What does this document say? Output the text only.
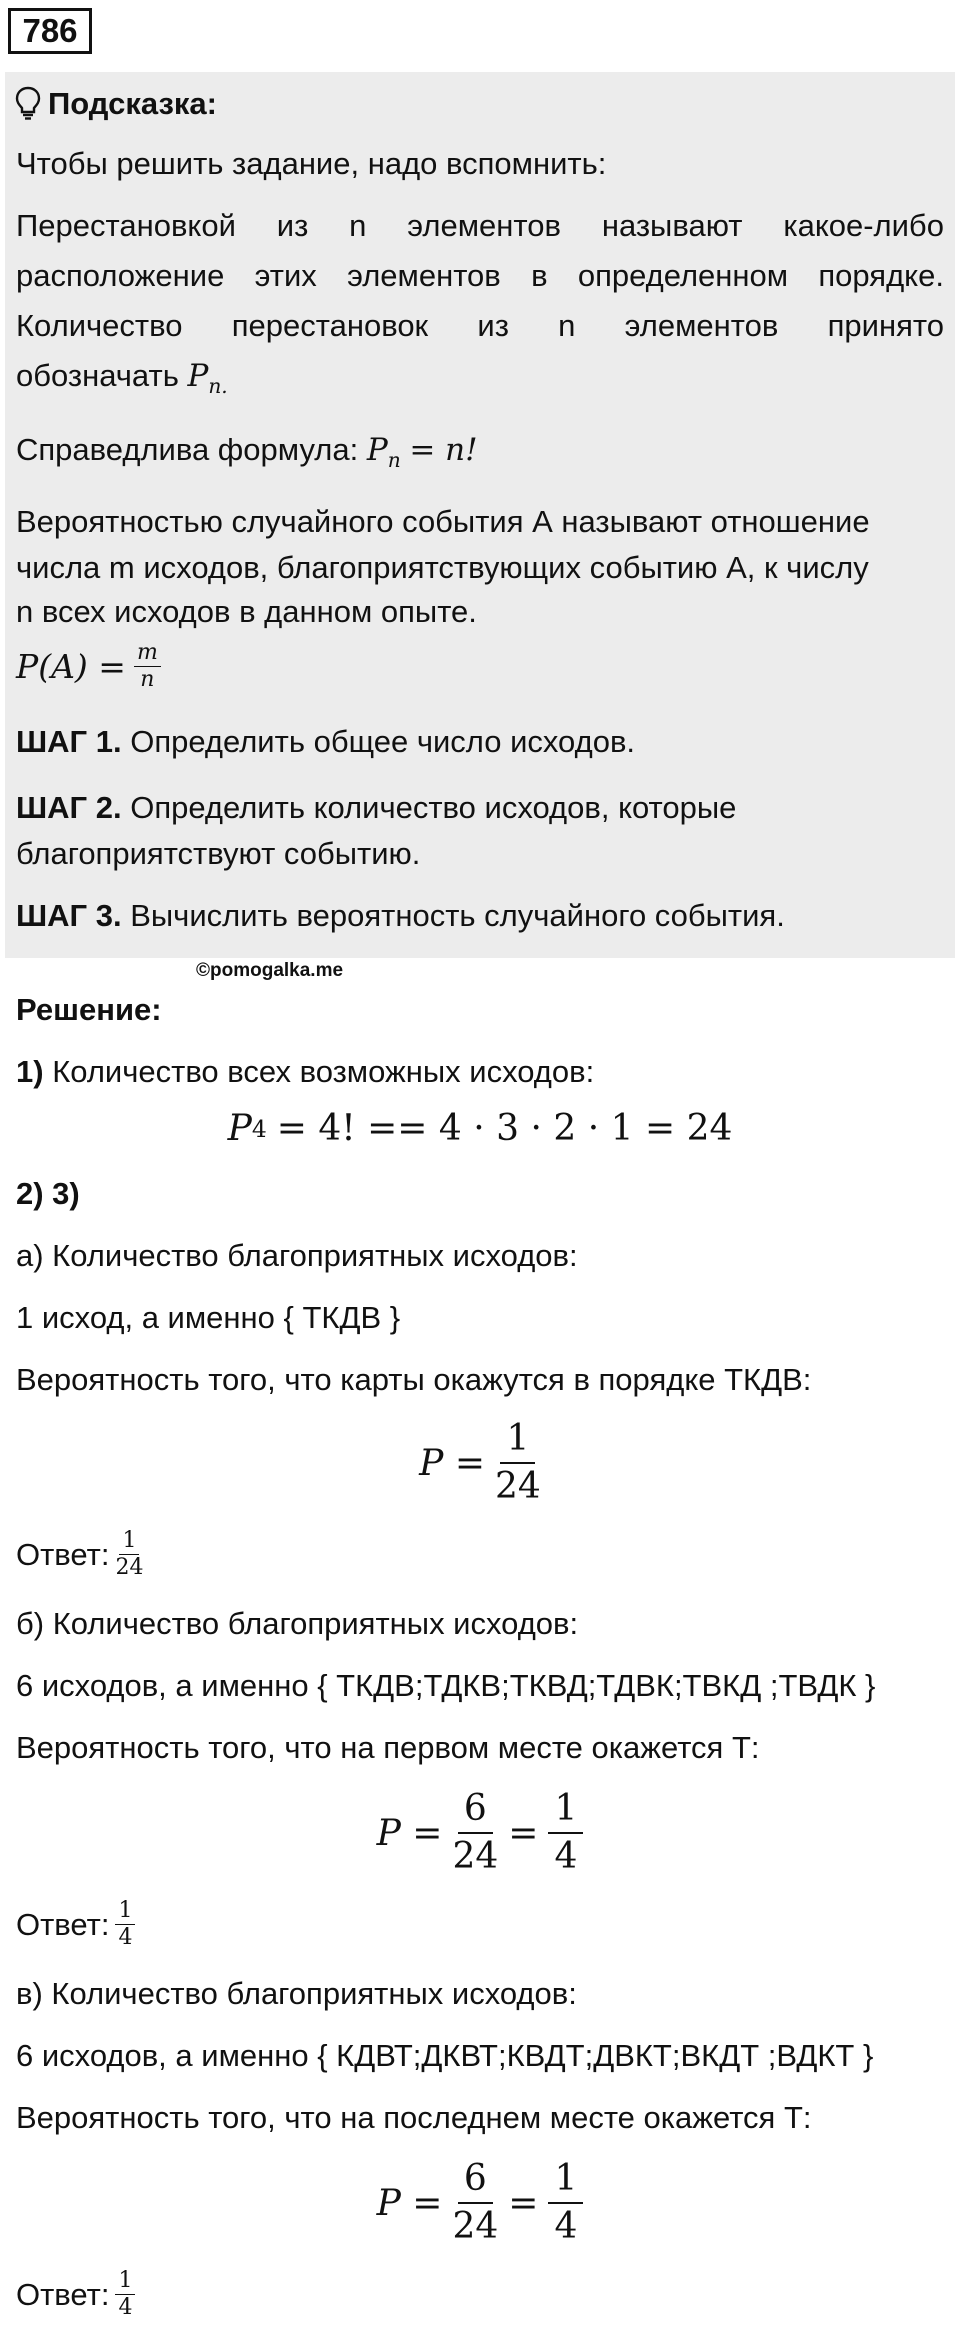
786
Подсказка:
Чтобы решить задание, надо вспомнить:
Перестановкой из n элементов называют какое-либо
расположение этих элементов в определенном порядке.
Количество перестановок из n элементов принято
обозначать $P_{n.}$
Справедлива формула: $P_n = n$!
Вероятностью случайного события А называют отношение
числа m исходов, благоприятствующих событию А, к числу
n всех исходов в данном опыте.
$P(A) = \frac{m}{n}$
ШАГ 1. Определить общее число исходов.
ШАГ 2. Определить количество исходов, которые
благоприятствуют событию.
ШАГ 3. Вычислить вероятность случайного события.
©pomogalka.me
Решение:
1) Количество всех возможных исходов:
P 4 = 4! == 4 · 3 · 2 · 1 = 24
2) 3)
а) Количество благоприятных исходов:
1 исход, а именно { ТКДВ }
Вероятность того, что карты окажутся в порядке ТКДВ:
$P = \frac{1}{24}$
Ответ: $\frac{1}{24}$
б) Количество благоприятных исходов:
6 исходов, а именно { ТКДВ;ТДКВ;ТКВД;ТДВК;ТВКД ;ТВДК }
Вероятность того, что на первом месте окажется Т:
$P = \frac{6}{24} = \frac{1}{4}$
Ответ: $\frac{1}{4}$
в) Количество благоприятных исходов:
6 исходов, а именно { КДВТ;ДКВТ;КВДТ;ДВКТ;ВКДТ ;ВДКТ }
Вероятность того, что на последнем месте окажется Т:
$P = \frac{6}{24} = \frac{1}{4}$
Ответ: $\frac{1}{4}$
